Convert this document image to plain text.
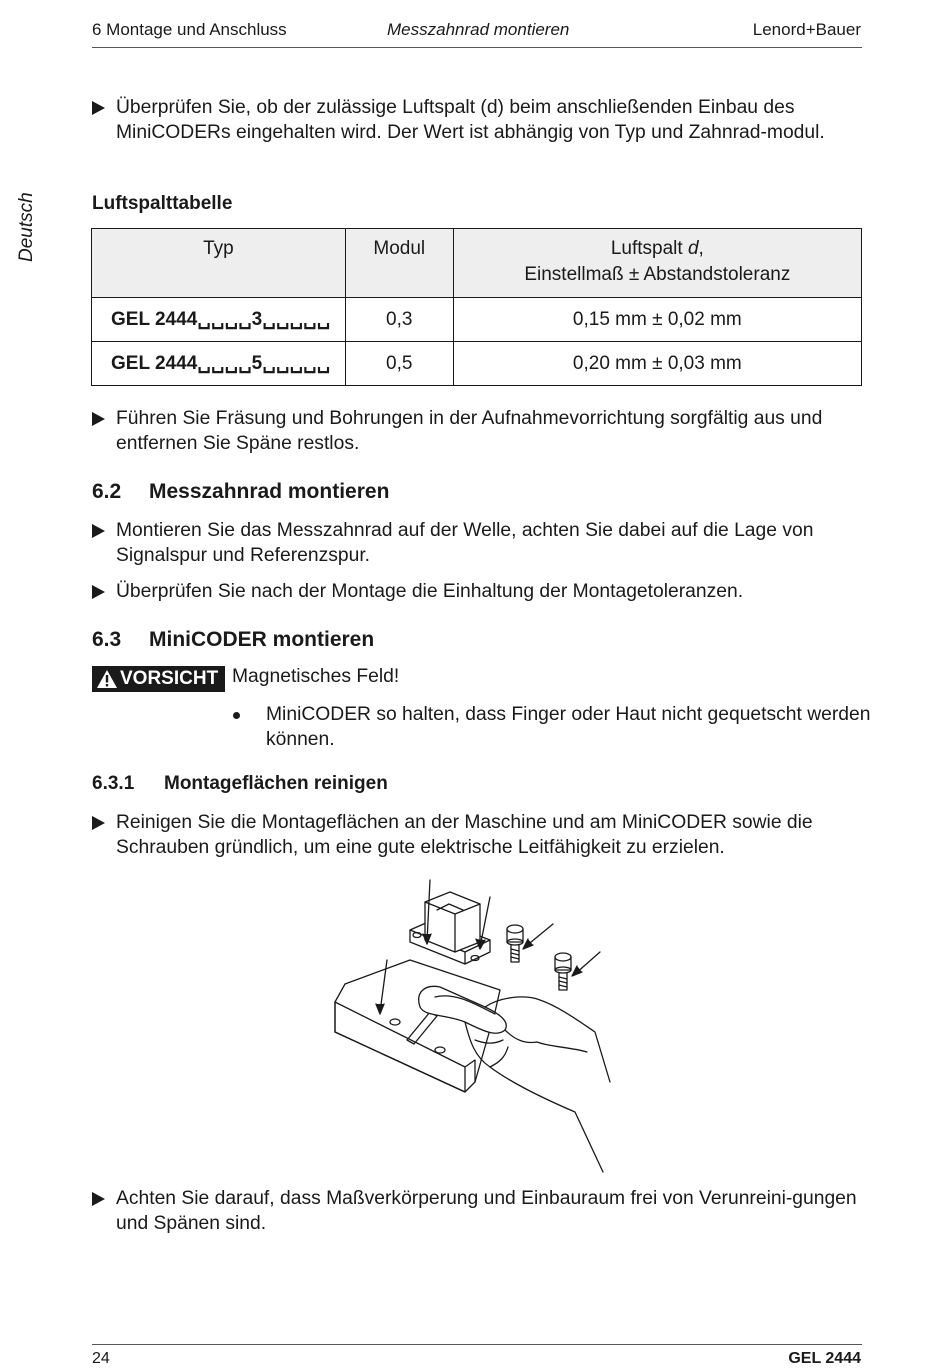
6 Montage und Anschluss	Messzahnrad montieren	Lenord+Bauer
Deutsch
Überprüfen Sie, ob der zulässige Luftspalt (d) beim anschließenden Einbau des MiniCODERs eingehalten wird. Der Wert ist abhängig von Typ und Zahnrad-modul.
Luftspalttabelle
Typ	Modul	Luftspalt d,
Einstellmaß ± Abstandstoleranz
GEL 2444␣␣␣␣3␣␣␣␣␣	0,3	0,15 mm ± 0,02 mm
GEL 2444␣␣␣␣5␣␣␣␣␣	0,5	0,20 mm ± 0,03 mm
Führen Sie Fräsung und Bohrungen in der Aufnahmevorrichtung sorgfältig aus und entfernen Sie Späne restlos.
6.2 Messzahnrad montieren
Montieren Sie das Messzahnrad auf der Welle, achten Sie dabei auf die Lage von Signalspur und Referenzspur.
Überprüfen Sie nach der Montage die Einhaltung der Montagetoleranzen.
6.3 MiniCODER montieren
VORSICHT Magnetisches Feld!
MiniCODER so halten, dass Finger oder Haut nicht gequetscht werden können.
6.3.1 Montageflächen reinigen
Reinigen Sie die Montageflächen an der Maschine und am MiniCODER sowie die Schrauben gründlich, um eine gute elektrische Leitfähigkeit zu erzielen.
Achten Sie darauf, dass Maßverkörperung und Einbauraum frei von Verunreini-gungen und Spänen sind.
24	GEL 2444
